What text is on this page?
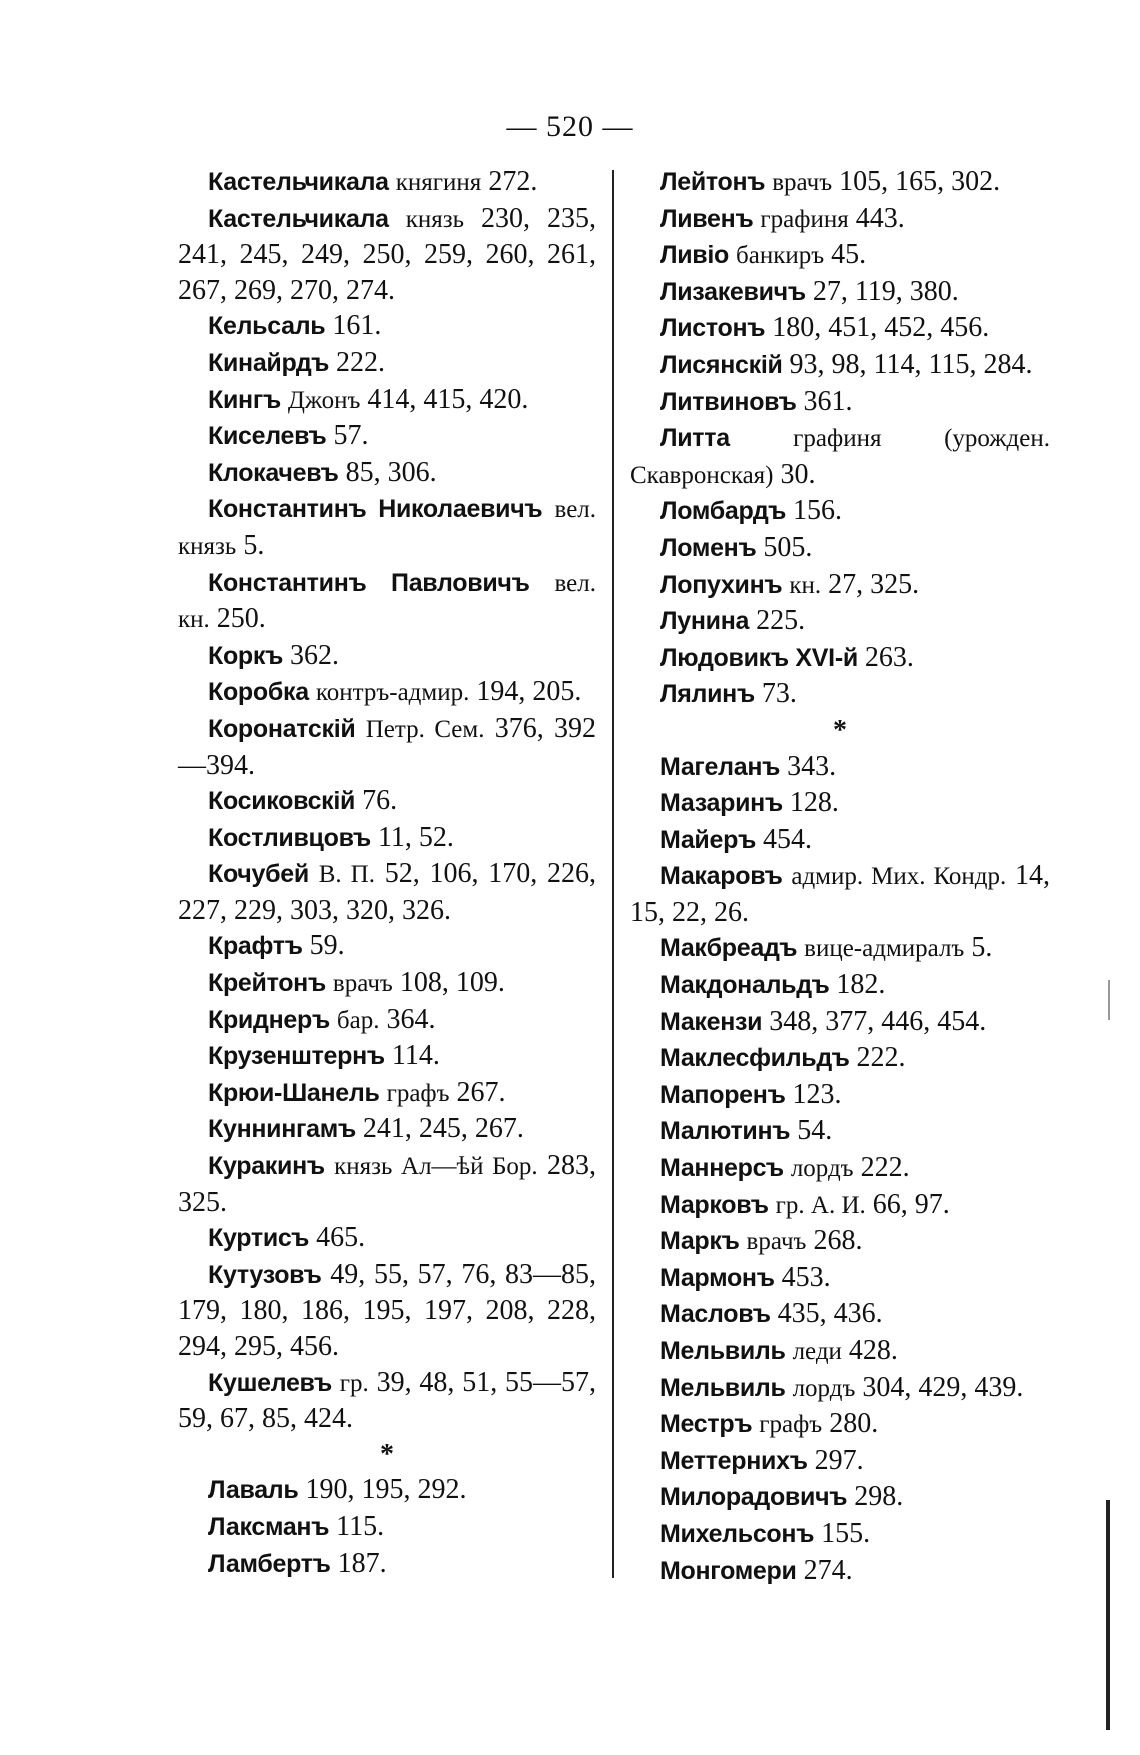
— 520 —

Кастельчикала княгиня 272.

Кастельчикала князь 230, 235, 241, 245, 249, 250, 259, 260, 261, 267, 269, 270, 274.

Кельсаль 161.

Кинайрдъ 222.

Кингъ Джонъ 414, 415, 420.

Киселевъ 57.

Клокачевъ 85, 306.

Константинъ Николаевичъ вел. князь 5.

Константинъ Павловичъ вел. кн. 250.

Коркъ 362.

Коробка контръ-адмир. 194, 205.

Коронатскій Петр. Сем. 376, 392—394.

Косиковскій 76.

Костливцовъ 11, 52.

Кочубей В. П. 52, 106, 170, 226, 227, 229, 303, 320, 326.

Крафтъ 59.

Крейтонъ врачъ 108, 109.

Криднеръ бар. 364.

Крузенштернъ 114.

Крюи-Шанель графъ 267.

Куннингамъ 241, 245, 267.

Куракинъ князь Ал—ѣй Бор. 283, 325.

Куртисъ 465.

Кутузовъ 49, 55, 57, 76, 83—85, 179, 180, 186, 195, 197, 208, 228, 294, 295, 456.

Кушелевъ гр. 39, 48, 51, 55—57, 59, 67, 85, 424.

*

Лаваль 190, 195, 292.

Лаксманъ 115.

Ламбертъ 187.

Лейтонъ врачъ 105, 165, 302.

Ливенъ графиня 443.

Ливіо банкиръ 45.

Лизакевичъ 27, 119, 380.

Листонъ 180, 451, 452, 456.

Лисянскій 93, 98, 114, 115, 284.

Литвиновъ 361.

Литта	графиня (урожден. Скавронская) 30.

Ломбардъ 156.

Ломенъ 505.

Лопухинъ кн. 27, 325.

Лунина 225.

Людовикъ XVI-й 263.

Лялинъ 73.

*

Магеланъ 343.

Мазаринъ 128.

Майеръ 454.

Макаровъ адмир. Мих. Кондр. 14, 15, 22, 26.

Макбреадъ вице-адмиралъ 5.

Макдональдъ 182.

Макензи 348, 377, 446, 454.

Маклесфильдъ 222.

Мапоренъ 123.

Малютинъ 54.

Маннерсъ лордъ 222.

Марковъ гр. А. И. 66, 97.

Маркъ врачъ 268.

Мармонъ 453.

Масловъ 435, 436.

Мельвиль леди 428.

Мельвиль лордъ 304, 429, 439.

Местръ графъ 280.

Меттернихъ 297.

Милорадовичъ 298.

Михельсонъ 155.

Монгомери 274.
